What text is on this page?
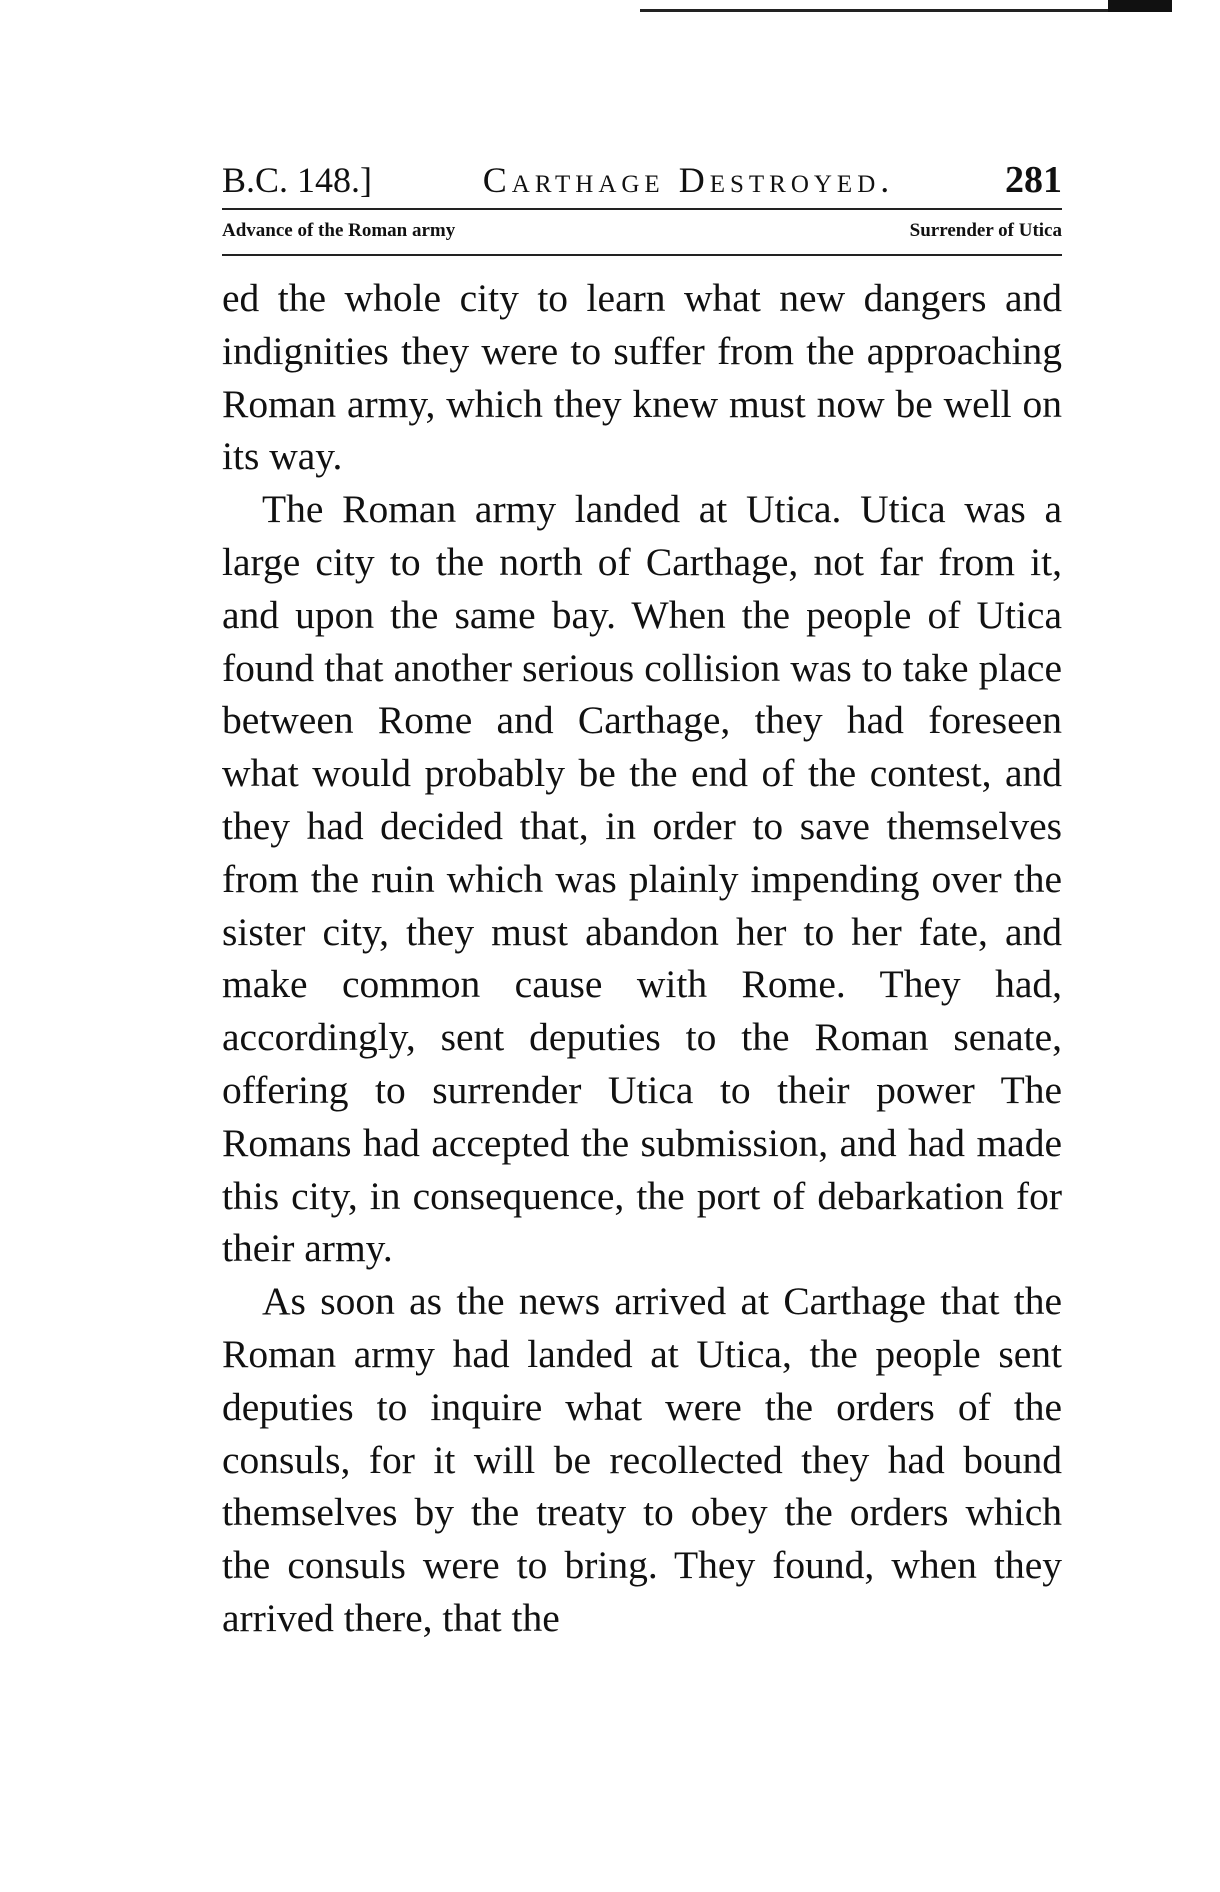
B.C. 148.]	Carthage Destroyed.	281
Advance of the Roman army	Surrender of Utica

ed the whole city to learn what new dangers and indignities they were to suffer from the approaching Roman army, which they knew must now be well on its way.

The Roman army landed at Utica. Utica was a large city to the north of Carthage, not far from it, and upon the same bay. When the people of Utica found that another serious collision was to take place between Rome and Carthage, they had foreseen what would probably be the end of the contest, and they had decided that, in order to save themselves from the ruin which was plainly impending over the sister city, they must abandon her to her fate, and make common cause with Rome. They had, accordingly, sent deputies to the Roman senate, offering to surrender Utica to their power The Romans had accepted the submission, and had made this city, in consequence, the port of debarkation for their army.

As soon as the news arrived at Carthage that the Roman army had landed at Utica, the people sent deputies to inquire what were the orders of the consuls, for it will be recollected they had bound themselves by the treaty to obey the orders which the consuls were to bring. They found, when they arrived there, that the
